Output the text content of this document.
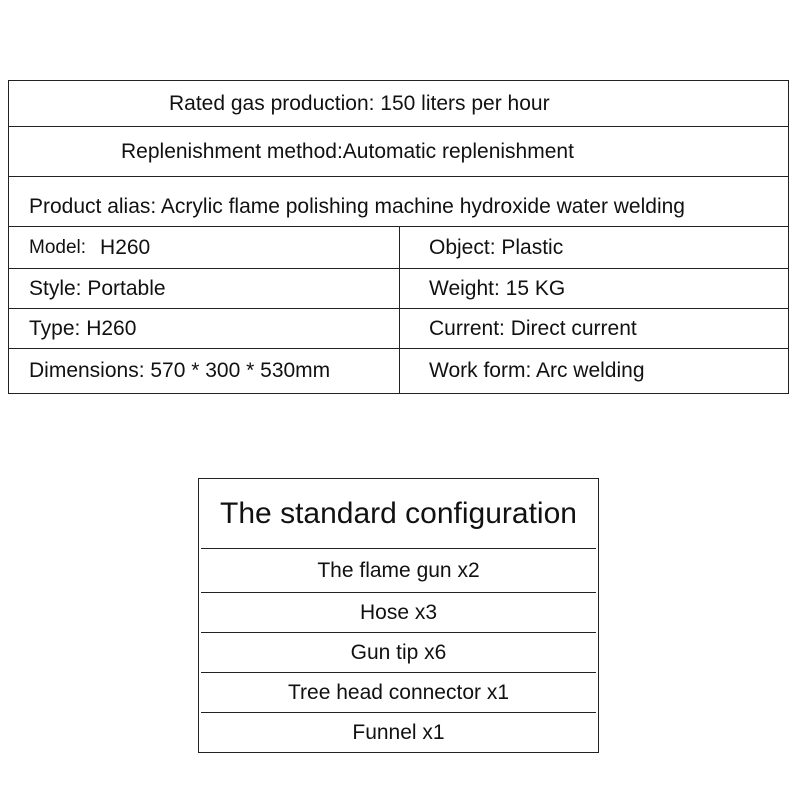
Rated gas production: 150 liters per hour
Replenishment method:Automatic replenishment
Product alias: Acrylic flame polishing machine hydroxide water welding
Model: H260	Object: Plastic
Style: Portable	Weight: 15 KG
Type: H260	Current: Direct current
Dimensions: 570 * 300 * 530mm	Work form: Arc welding
The standard configuration
The flame gun x2
Hose x3
Gun tip x6
Tree head connector x1
Funnel x1
